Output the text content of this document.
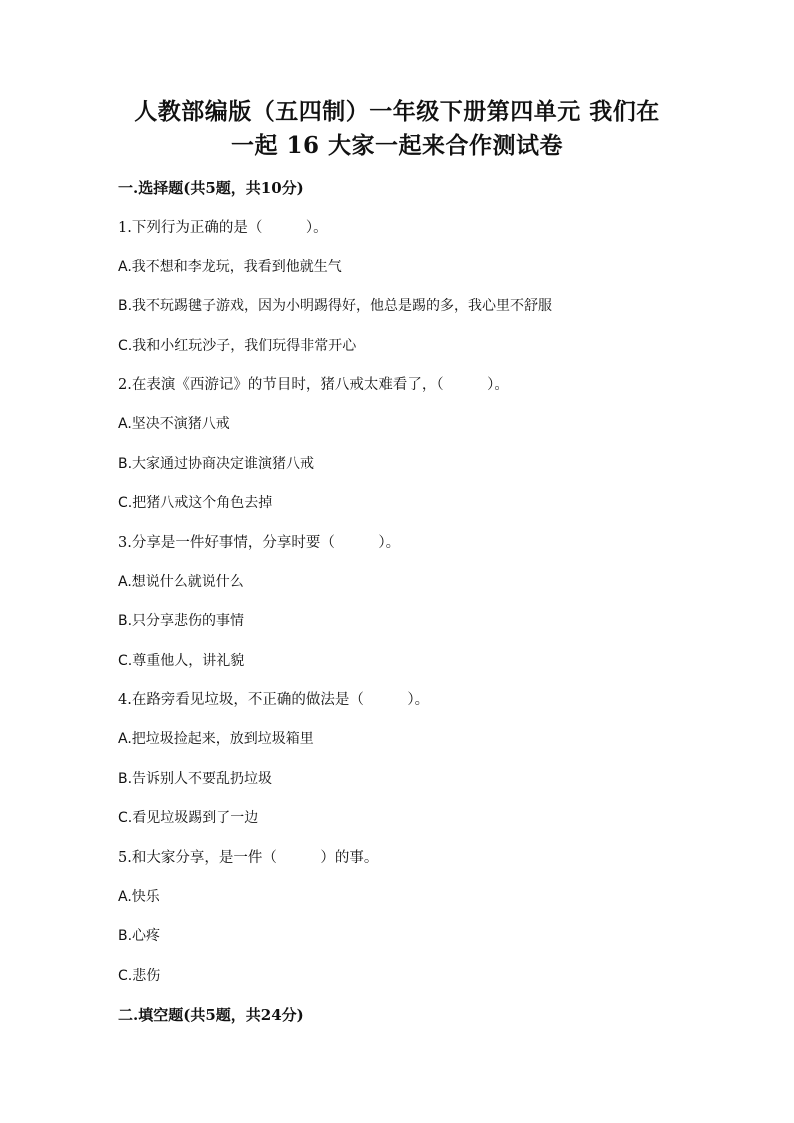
人教部编版（五四制）一年级下册第四单元 我们在
一起 16 大家一起来合作测试卷
一.选择题(共5题，共10分)
1.下列行为正确的是（　　　）。
A.我不想和李龙玩，我看到他就生气
B.我不玩踢毽子游戏，因为小明踢得好，他总是踢的多，我心里不舒服
C.我和小红玩沙子，我们玩得非常开心
2.在表演《西游记》的节目时，猪八戒太难看了，（　　　）。
A.坚决不演猪八戒
B.大家通过协商决定谁演猪八戒
C.把猪八戒这个角色去掉
3.分享是一件好事情，分享时要（　　　）。
A.想说什么就说什么
B.只分享悲伤的事情
C.尊重他人，讲礼貌
4.在路旁看见垃圾，不正确的做法是（　　　）。
A.把垃圾捡起来，放到垃圾箱里
B.告诉别人不要乱扔垃圾
C.看见垃圾踢到了一边
5.和大家分享，是一件（　　　）的事。
A.快乐
B.心疼
C.悲伤
二.填空题(共5题，共24分)
